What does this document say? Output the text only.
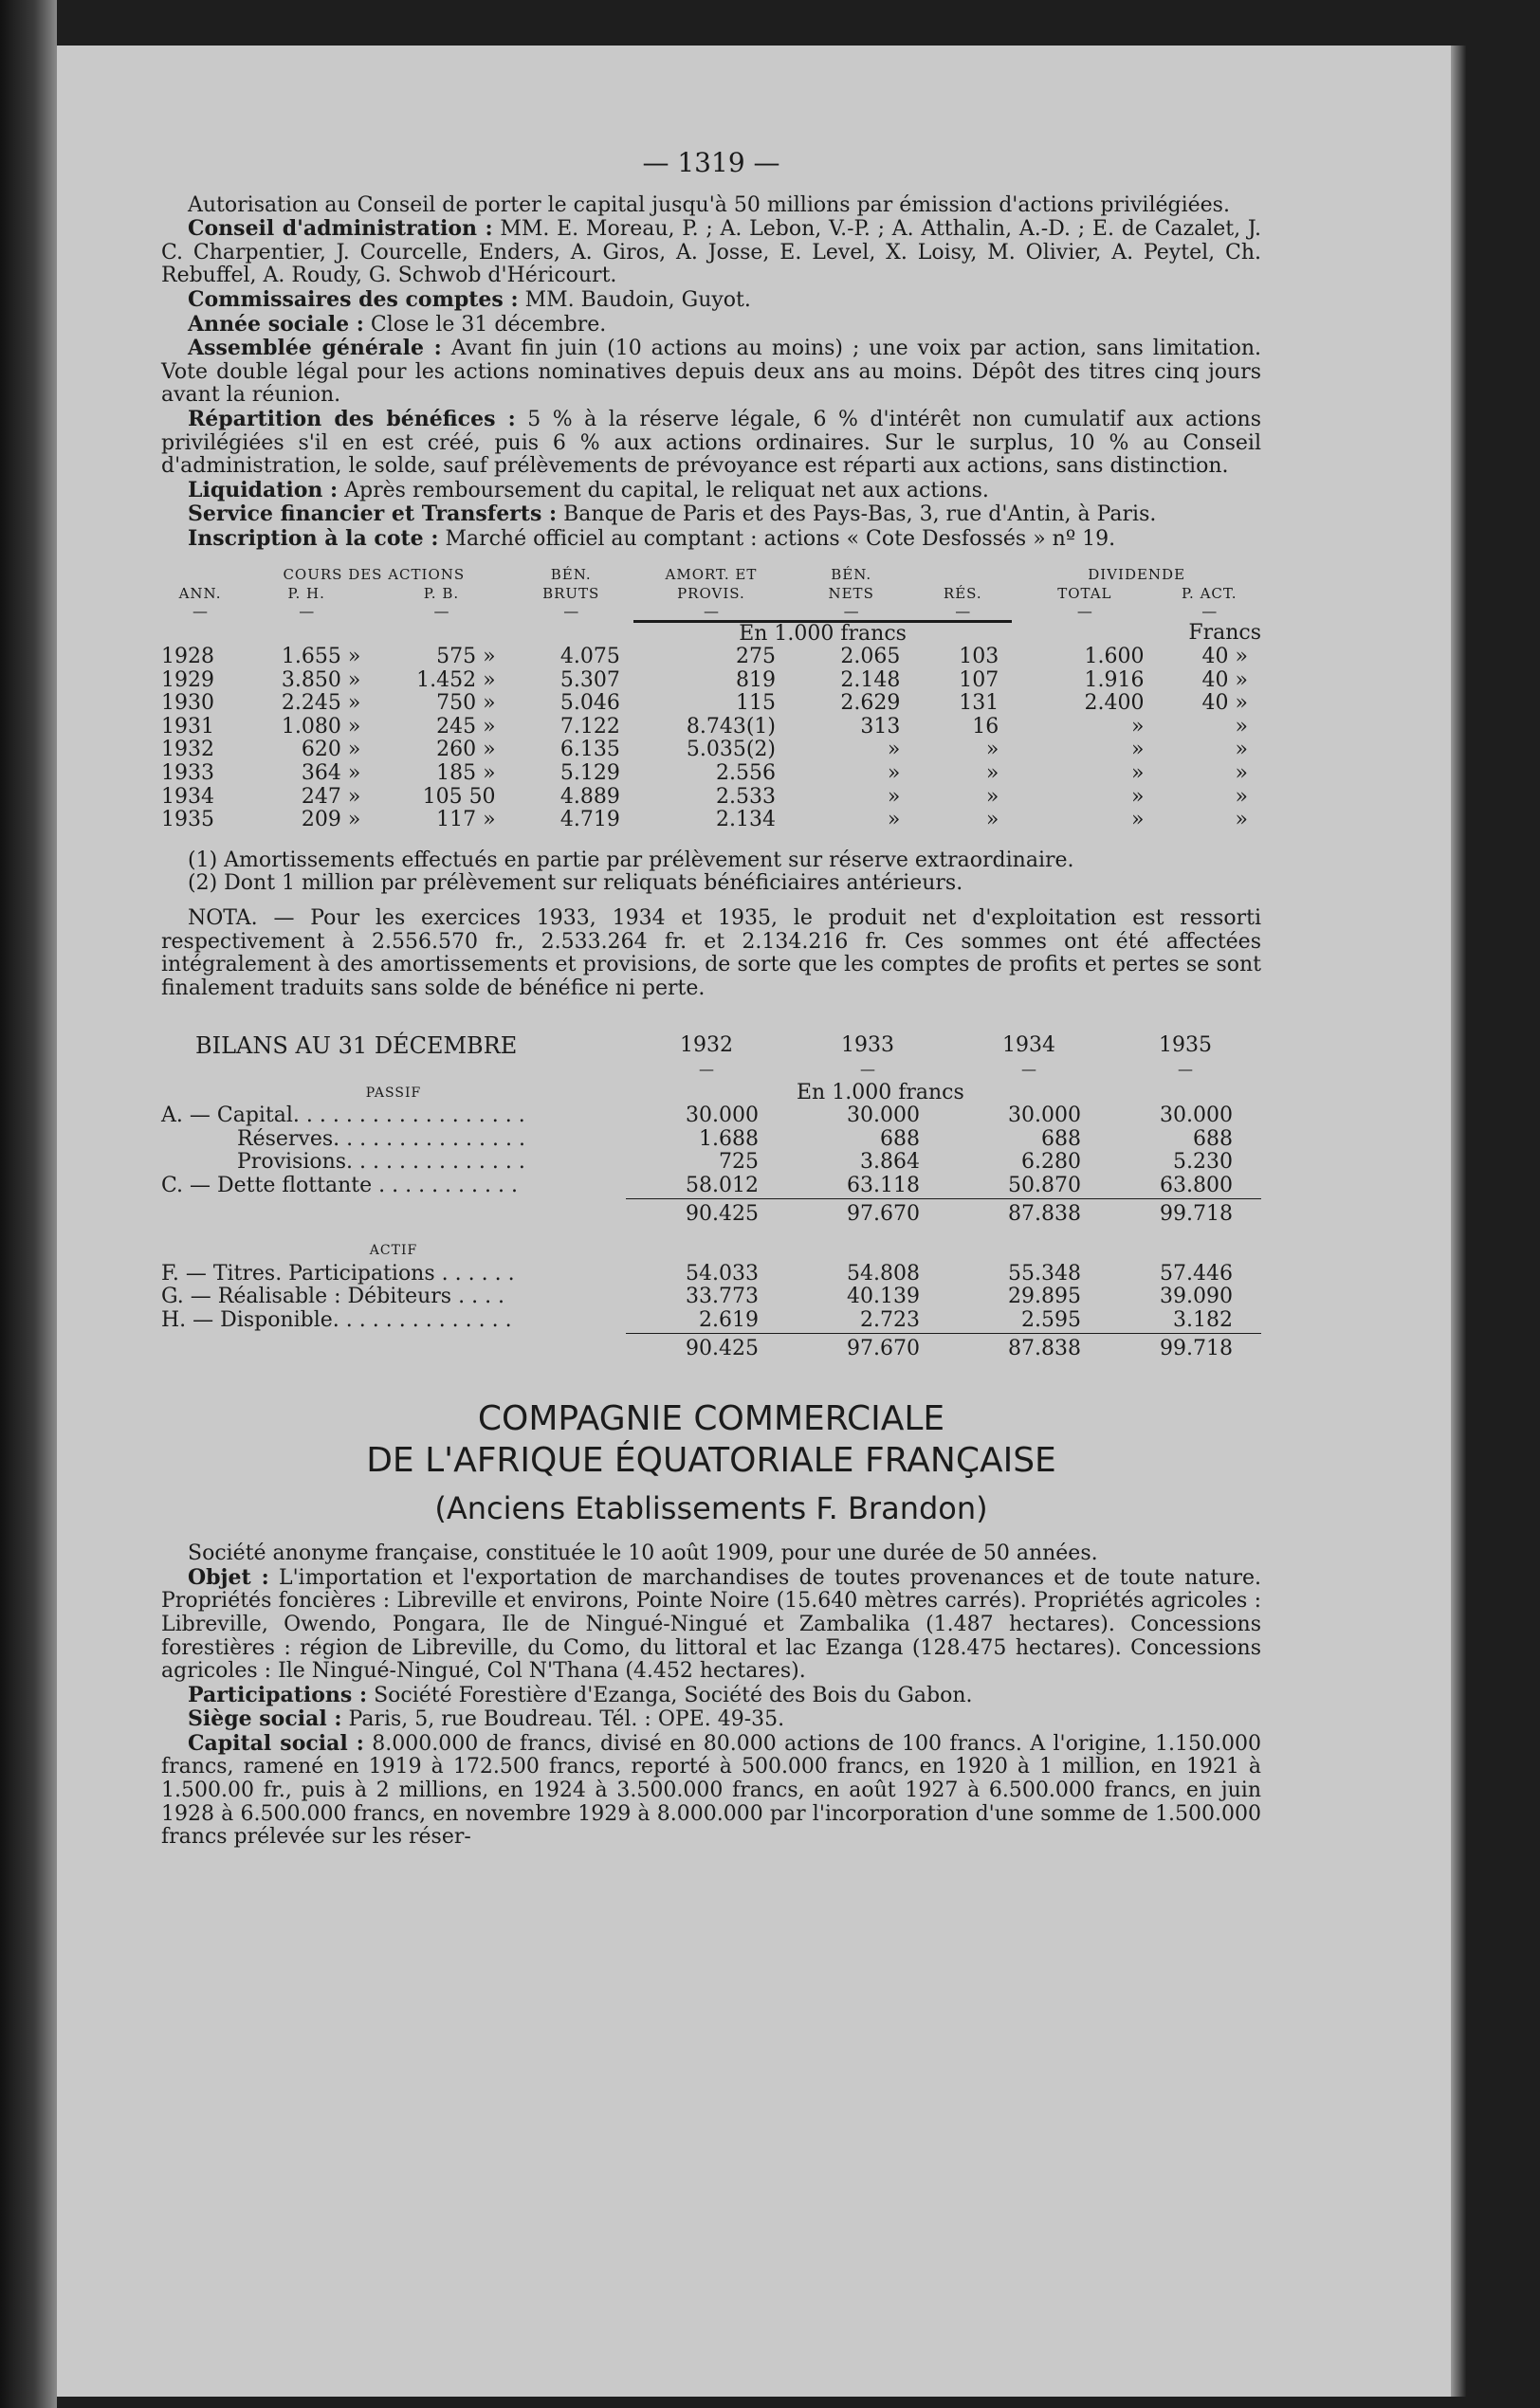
— 1319 —
Autorisation au Conseil de porter le capital jusqu'à 50 millions par émission d'actions privilégiées.
Conseil d'administration : MM. E. Moreau, P. ; A. Lebon, V.-P. ; A. Atthalin, A.-D. ; E. de Cazalet, J. C. Charpentier, J. Courcelle, Enders, A. Giros, A. Josse, E. Level, X. Loisy, M. Olivier, A. Peytel, Ch. Rebuffel, A. Roudy, G. Schwob d'Héricourt.
Commissaires des comptes : MM. Baudoin, Guyot.
Année sociale : Close le 31 décembre.
Assemblée générale : Avant fin juin (10 actions au moins) ; une voix par action, sans limitation. Vote double légal pour les actions nominatives depuis deux ans au moins. Dépôt des titres cinq jours avant la réunion.
Répartition des bénéfices : 5 % à la réserve légale, 6 % d'intérêt non cumulatif aux actions privilégiées s'il en est créé, puis 6 % aux actions ordinaires. Sur le surplus, 10 % au Conseil d'administration, le solde, sauf prélèvements de prévoyance est réparti aux actions, sans distinction.
Liquidation : Après remboursement du capital, le reliquat net aux actions.
Service financier et Transferts : Banque de Paris et des Pays-Bas, 3, rue d'Antin, à Paris.
Inscription à la cote : Marché officiel au comptant : actions « Cote Desfossés » nº 19.
	COURS DES ACTIONS		BÉN.	AMORT. ET	BÉN.		DIVIDENDE	
ANN.	P. H.	P. B.	BRUTS	PROVIS.	NETS	RÉS.	TOTAL	P. ACT.
—	—	—	—	—	—	—	—	—
				En 1.000 francs				Francs
1928	1.655 »	575 »	4.075	275	2.065	103	1.600	40 »
1929	3.850 »	1.452 »	5.307	819	2.148	107	1.916	40 »
1930	2.245 »	750 »	5.046	115	2.629	131	2.400	40 »
1931	1.080 »	245 »	7.122	8.743(1)	313	16	»	»
1932	620 »	260 »	6.135	5.035(2)	»	»	»	»
1933	364 »	185 »	5.129	2.556	»	»	»	»
1934	247 »	105 50	4.889	2.533	»	»	»	»
1935	209 »	117 »	4.719	2.134	»	»	»	»
(1) Amortissements effectués en partie par prélèvement sur réserve extraordinaire.
(2) Dont 1 million par prélèvement sur reliquats bénéficiaires antérieurs.
NOTA. — Pour les exercices 1933, 1934 et 1935, le produit net d'exploitation est ressorti respectivement à 2.556.570 fr., 2.533.264 fr. et 2.134.216 fr. Ces sommes ont été affectées intégralement à des amortissements et provisions, de sorte que les comptes de profits et pertes se sont finalement traduits sans solde de bénéfice ni perte.
BILANS AU 31 DÉCEMBRE	1932	1933	1934	1935
	—	—	—	—
PASSIF		En 1.000 francs		
A. — Capital. . . . . . . . . . . . . . . . . .	30.000	30.000	30.000	30.000
Réserves. . . . . . . . . . . . . . .	1.688	688	688	688
Provisions. . . . . . . . . . . . . .	725	3.864	6.280	5.230
C. — Dette flottante . . . . . . . . . . .	58.012	63.118	50.870	63.800
	90.425	97.670	87.838	99.718
ACTIF				
F. — Titres. Participations . . . . . .	54.033	54.808	55.348	57.446
G. — Réalisable : Débiteurs . . . .	33.773	40.139	29.895	39.090
H. — Disponible. . . . . . . . . . . . . .	2.619	2.723	2.595	3.182
	90.425	97.670	87.838	99.718
COMPAGNIE COMMERCIALE
DE L'AFRIQUE ÉQUATORIALE FRANÇAISE
(Anciens Etablissements F. Brandon)
Société anonyme française, constituée le 10 août 1909, pour une durée de 50 années.
Objet : L'importation et l'exportation de marchandises de toutes provenances et de toute nature. Propriétés foncières : Libreville et environs, Pointe Noire (15.640 mètres carrés). Propriétés agricoles : Libreville, Owendo, Pongara, Ile de Ningué-Ningué et Zambalika (1.487 hectares). Concessions forestières : région de Libreville, du Como, du littoral et lac Ezanga (128.475 hectares). Concessions agricoles : Ile Ningué-Ningué, Col N'Thana (4.452 hectares).
Participations : Société Forestière d'Ezanga, Société des Bois du Gabon.
Siège social : Paris, 5, rue Boudreau. Tél. : OPE. 49-35.
Capital social : 8.000.000 de francs, divisé en 80.000 actions de 100 francs. A l'origine, 1.150.000 francs, ramené en 1919 à 172.500 francs, reporté à 500.000 francs, en 1920 à 1 million, en 1921 à 1.500.00 fr., puis à 2 millions, en 1924 à 3.500.000 francs, en août 1927 à 6.500.000 francs, en juin 1928 à 6.500.000 francs, en novembre 1929 à 8.000.000 par l'incorporation d'une somme de 1.500.000 francs prélevée sur les réser-
